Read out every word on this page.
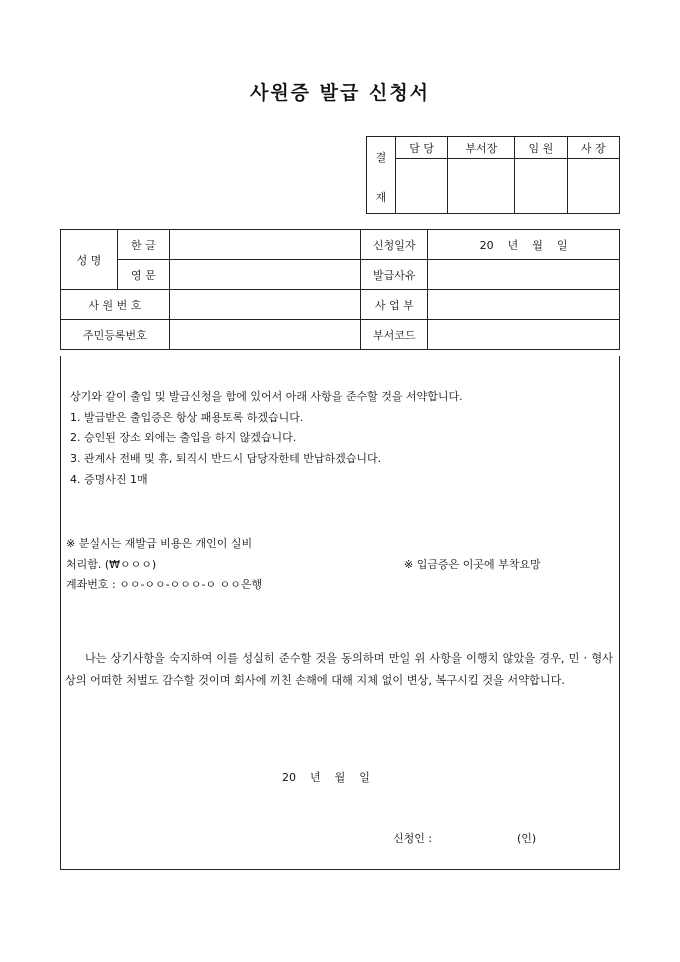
사원증 발급 신청서
결
재	담 당	부서장	임 원	사 장

성 명	한 글		신청일자	20    년    월    일
	영 문		발급사유	
사 원 번 호			사 업 부	
주민등록번호			부서코드	
상기와 같이 출입 및 발급신청을 함에 있어서 아래 사항을 준수할 것을 서약합니다.
1. 발급받은 출입증은 항상 패용토록 하겠습니다.
2. 승인된 장소 외에는 출입을 하지 않겠습니다.
3. 관계사 전배 및 휴, 퇴직시 반드시 담당자한테 반납하겠습니다.
4. 증명사진 1매
※ 분실시는 재발급 비용은 개인이 실비
처리함. (₩ㅇㅇㅇ)	※ 입금증은 이곳에 부착요망
계좌번호 : ㅇㅇ-ㅇㅇ-ㅇㅇㅇ-ㅇ ㅇㅇ은행
나는 상기사항을 숙지하여 이를 성실히 준수할 것을 동의하며 만일 위 사항을 이행치 않았을 경우, 민 · 형사상의 어떠한 처벌도 감수할 것이며 회사에 끼친 손해에 대해 지체 없이 변상, 복구시킬 것을 서약합니다.
20    년    월    일
신청인 :	(인)
